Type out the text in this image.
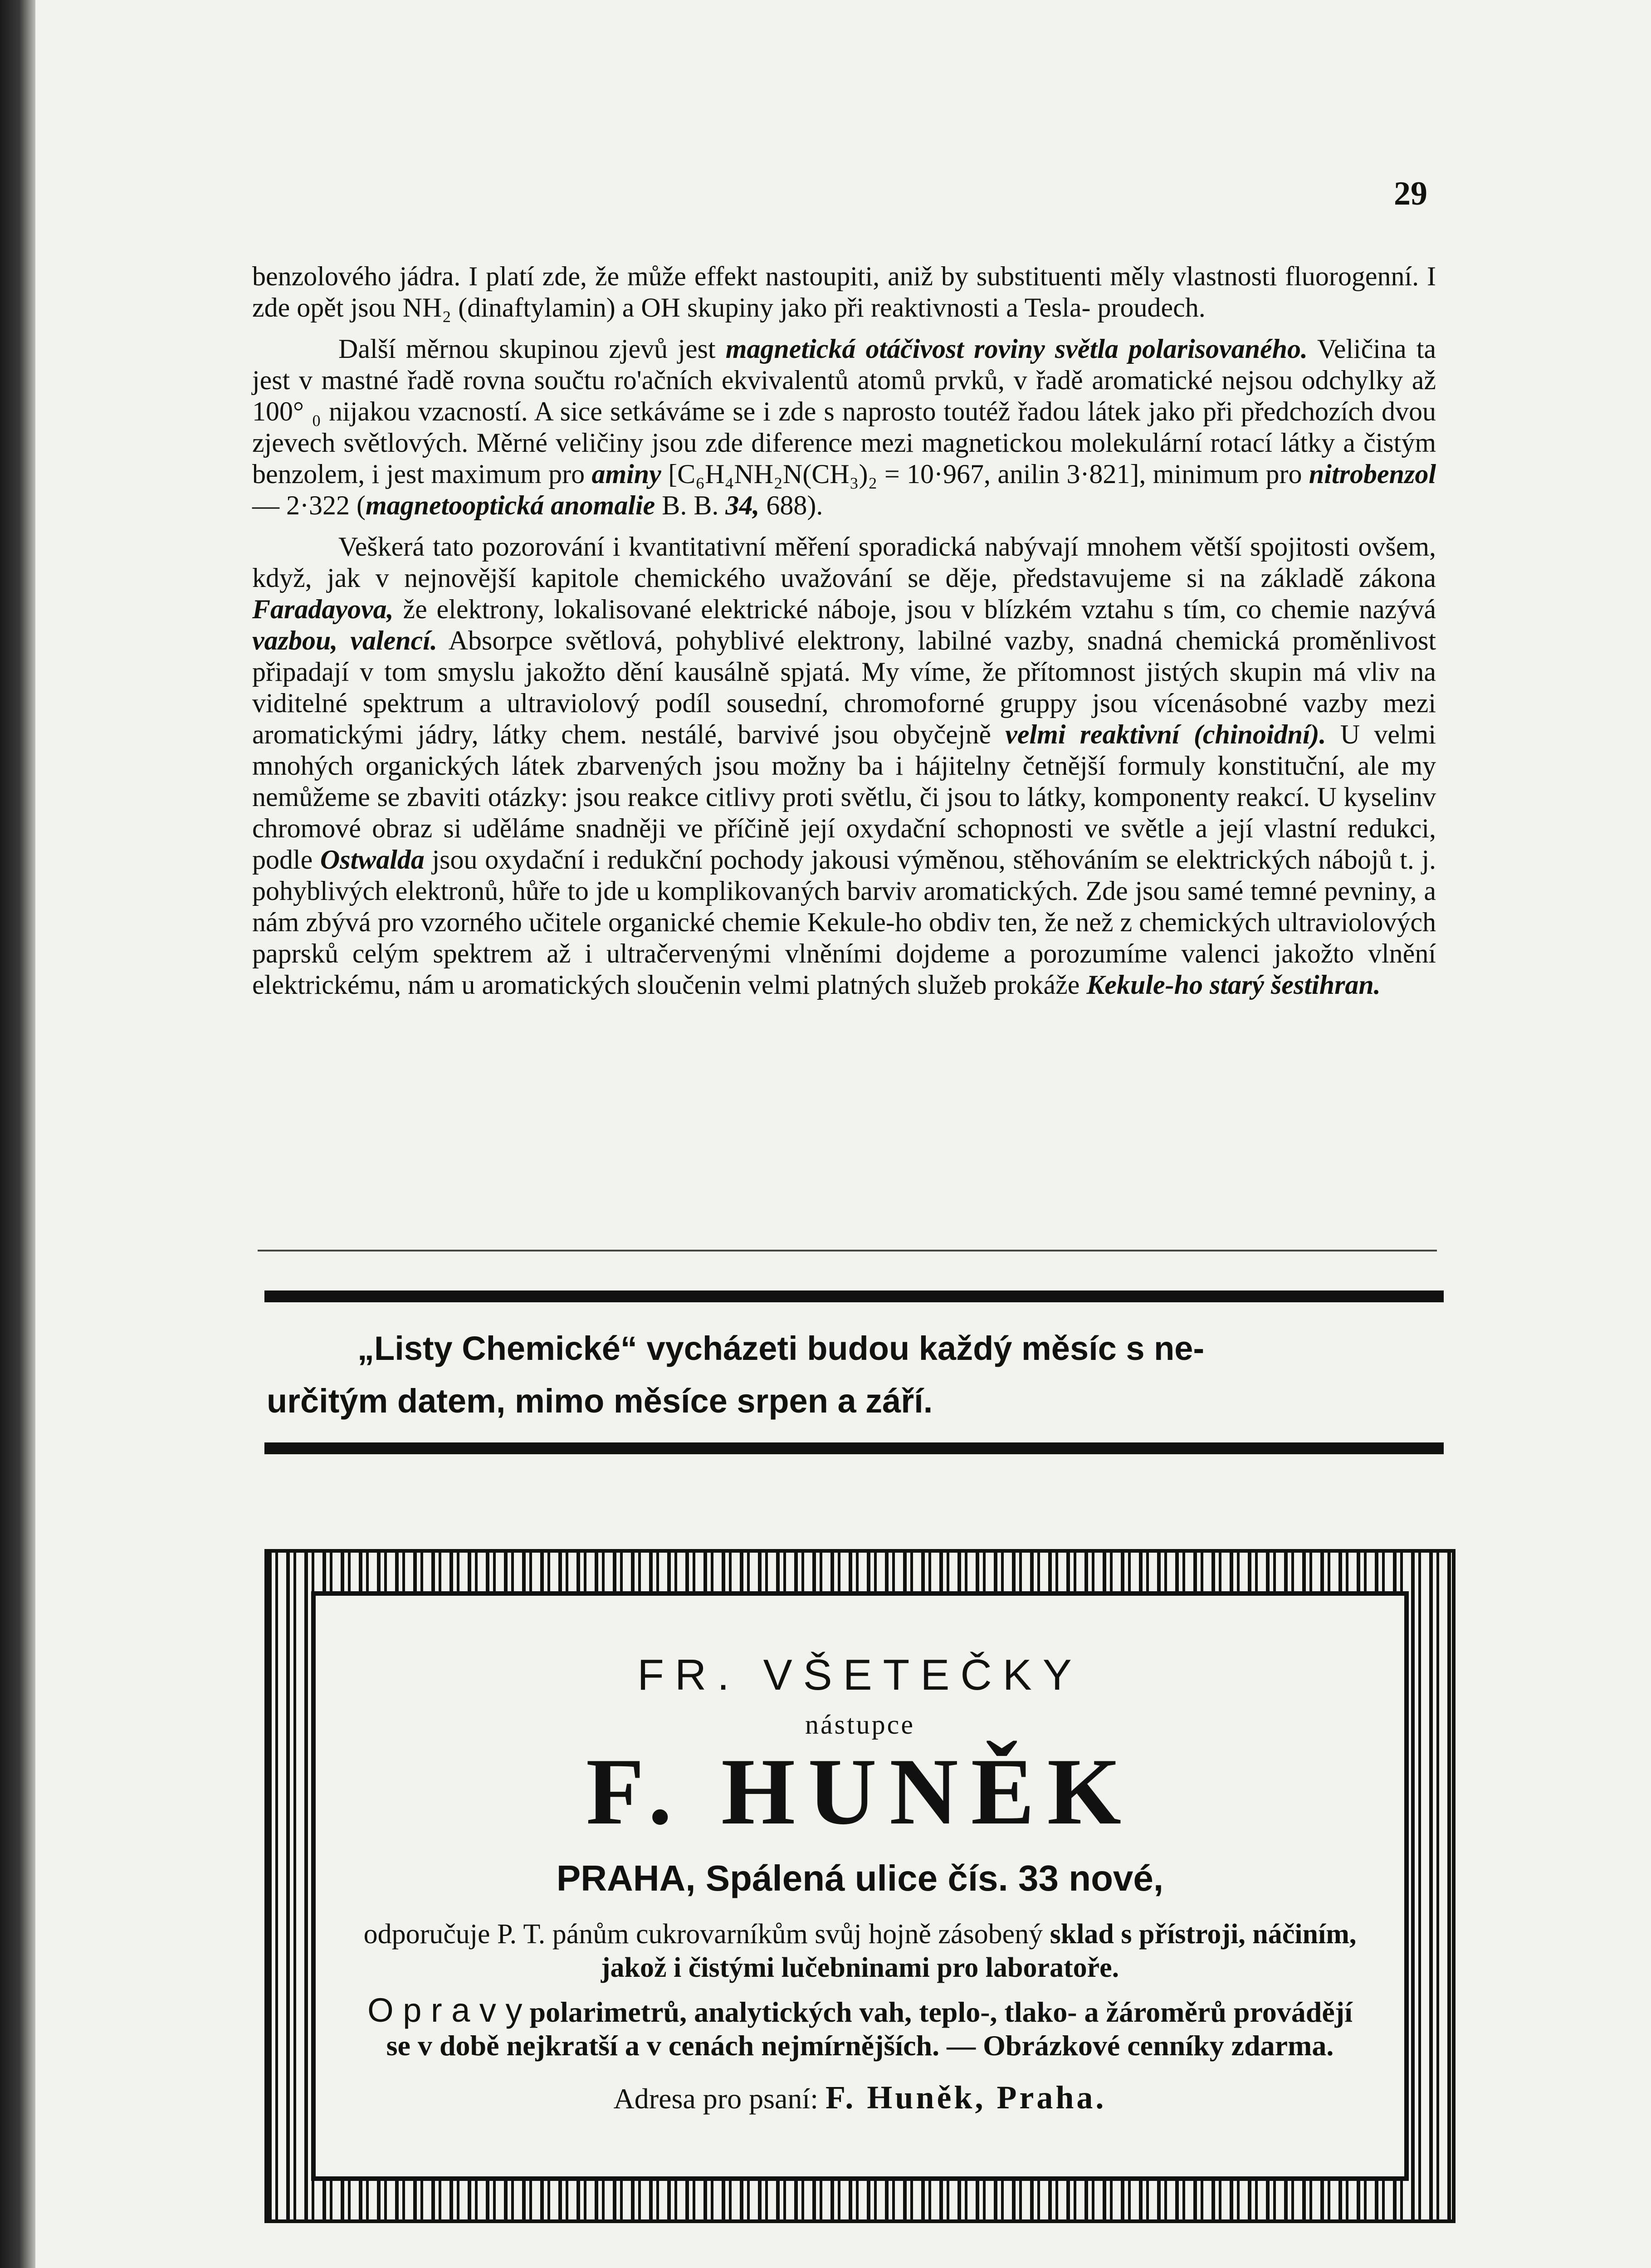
29

benzolového jádra. I platí zde, že může effekt nastoupiti, aniž by substituenti měly vlastnosti fluorogenní. I zde opět jsou NH₂ (dinaftylamin) a OH skupiny jako při reaktivnosti a Tesla- proudech.

Další měrnou skupinou zjevů jest magnetická otáčivost roviny světla polarisovaného. Veličina ta jest v mastné řadě rovna součtu ro'ačních ekvivalentů atomů prvků, v řadě aromatické nejsou odchylky až 100° ₀ nijakou vzacností. A sice setkáváme se i zde s naprosto toutéž řadou látek jako při předchozích dvou zjevech světlových. Měrné veličiny jsou zde diference mezi magnetickou molekulární rotací látky a čistým benzolem, i jest maximum pro aminy [C₆H₄NH₂N(CH₃)₂ = 10·967, anilin 3·821], minimum pro nitrobenzol — 2·322 (magnetooptická anomalie B. B. 34, 688).

Veškerá tato pozorování i kvantitativní měření sporadická nabývají mnohem větší spojitosti ovšem, když, jak v nejnovější kapitole chemického uvažování se děje, představujeme si na základě zákona Faradayova, že elektrony, lokalisované elektrické náboje, jsou v blízkém vztahu s tím, co chemie nazývá vazbou, valencí. Absorpce světlová, pohyblivé elektrony, labilné vazby, snadná chemická proměnlivost připadají v tom smyslu jakožto dění kausálně spjatá. My víme, že přítomnost jistých skupin má vliv na viditelné spektrum a ultraviolový podíl sousední, chromoforné gruppy jsou vícenásobné vazby mezi aromatickými jádry, látky chem. nestálé, barvivé jsou obyčejně velmi reaktivní (chinoidní). U velmi mnohých organických látek zbarvených jsou možny ba i hájitelny četnější formuly konstituční, ale my nemůžeme se zbaviti otázky: jsou reakce citlivy proti světlu, či jsou to látky, komponenty reakcí. U kyselinv chromové obraz si uděláme snadněji ve příčině její oxydační schopnosti ve světle a její vlastní redukci, podle Ostwalda jsou oxydační i redukční pochody jakousi výměnou, stěhováním se elektrických nábojů t. j. pohyblivých elektronů, hůře to jde u komplikovaných barviv aromatických. Zde jsou samé temné pevniny, a nám zbývá pro vzorného učitele organické chemie Kekule-ho obdiv ten, že než z chemických ultraviolových paprsků celým spektrem až i ultračervenými vlněními dojdeme a porozumíme valenci jakožto vlnění elektrickému, nám u aromatických sloučenin velmi platných služeb prokáže Kekule-ho starý šestihran.

„Listy Chemické“ vycházeti budou každý měsíc s ne-
určitým datem, mimo měsíce srpen a září.
FR. VŠETEČKY
nástupce
F. HUNĚK
PRAHA, Spálená ulice čís. 33 nové,
odporučuje P. T. pánům cukrovarníkům svůj hojně zásobený sklad s přístroji, náčiním, jakož i čistými lučebninami pro laboratoře.
O p r a v y polarimetrů, analytických vah, teplo-, tlako- a žároměrů provádějí se v době nejkratší a v cenách nejmírnějších. — Obrázkové cenníky zdarma.
Adresa pro psaní: F. Huněk, Praha.
